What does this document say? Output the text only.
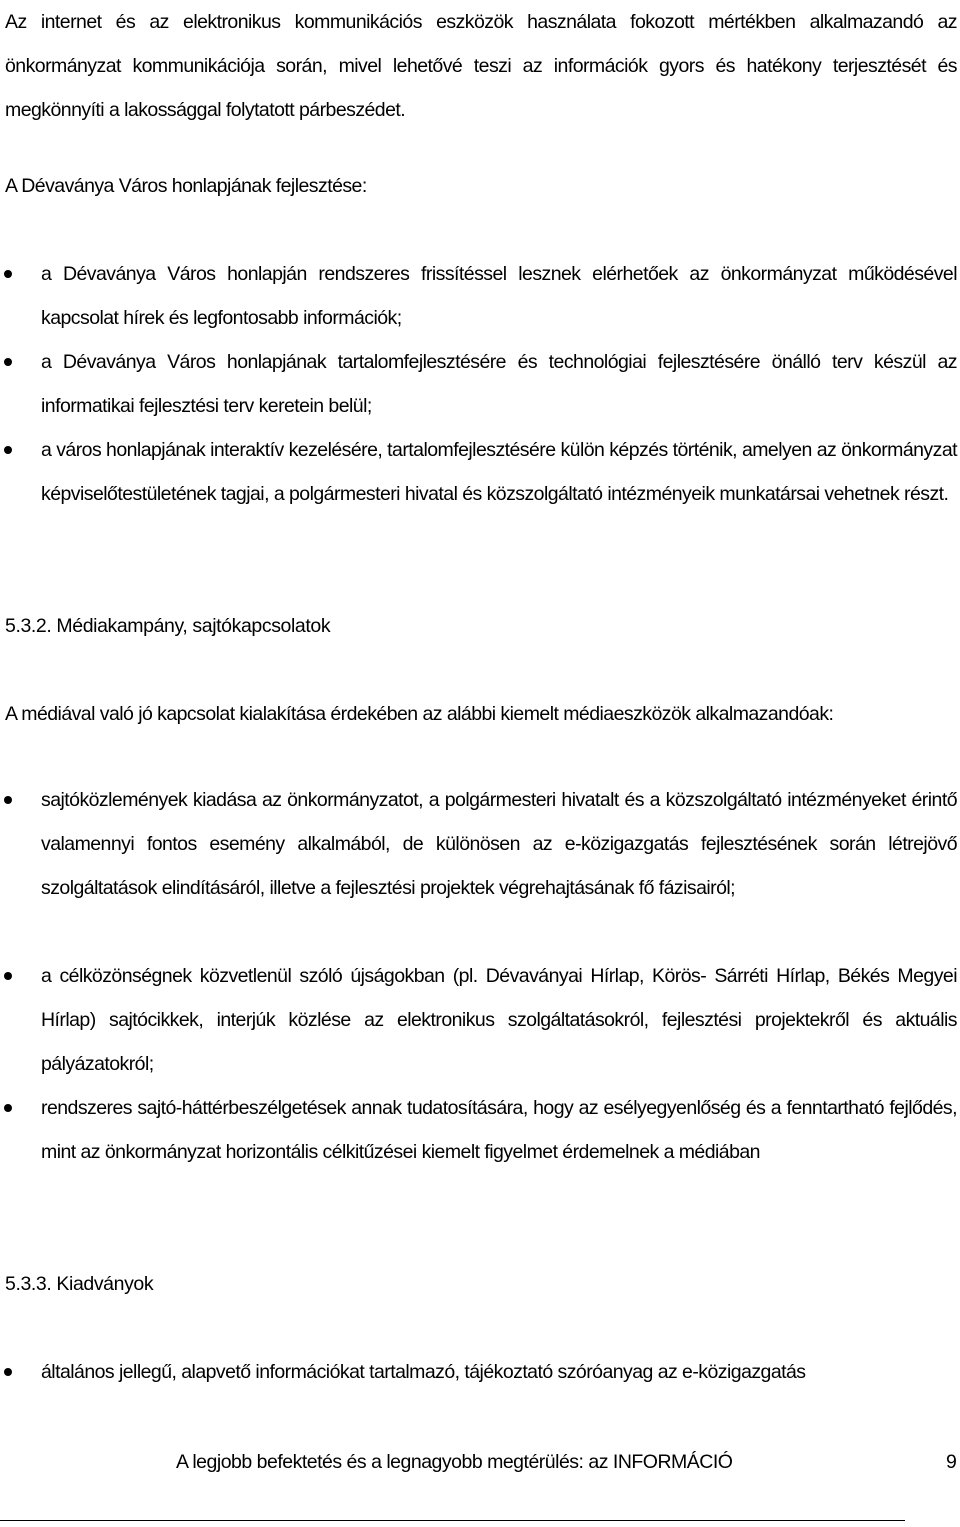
Az internet és az elektronikus kommunikációs eszközök használata fokozott mértékben alkalmazandó az önkormányzat kommunikációja során, mivel lehetővé teszi az információk gyors és hatékony terjesztését és megkönnyíti a lakossággal folytatott párbeszédet.

A Dévaványa Város honlapjának fejlesztése:

a Dévaványa Város honlapján rendszeres frissítéssel lesznek elérhetőek az önkormányzat működésével kapcsolat hírek és legfontosabb információk;

a Dévaványa Város honlapjának tartalomfejlesztésére és technológiai fejlesztésére önálló terv készül az informatikai fejlesztési terv keretein belül;

a város honlapjának interaktív kezelésére, tartalomfejlesztésére külön képzés történik, amelyen az önkormányzat képviselőtestületének tagjai, a polgármesteri hivatal és közszolgáltató intézményeik munkatársai vehetnek részt.

5.3.2. Médiakampány, sajtókapcsolatok

A médiával való jó kapcsolat kialakítása érdekében az alábbi kiemelt médiaeszközök alkalmazandóak:

sajtóközlemények kiadása az önkormányzatot, a polgármesteri hivatalt és a közszolgáltató intézményeket érintő valamennyi fontos esemény alkalmából, de különösen az e-közigazgatás fejlesztésének során létrejövő szolgáltatások elindításáról, illetve a fejlesztési projektek végrehajtásának fő fázisairól;

a célközönségnek közvetlenül szóló újságokban (pl. Dévaványai Hírlap, Körös- Sárréti Hírlap, Békés Megyei Hírlap) sajtócikkek, interjúk közlése az elektronikus szolgáltatásokról, fejlesztési projektekről és aktuális pályázatokról;

rendszeres sajtó-háttérbeszélgetések annak tudatosítására, hogy az esélyegyenlőség és a fenntartható fejlődés, mint az önkormányzat horizontális célkitűzései kiemelt figyelmet érdemelnek a médiában

5.3.3. Kiadványok

általános jellegű, alapvető információkat tartalmazó, tájékoztató szóróanyag az e-közigazgatás

A legjobb befektetés és a legnagyobb megtérülés: az INFORMÁCIÓ	9
